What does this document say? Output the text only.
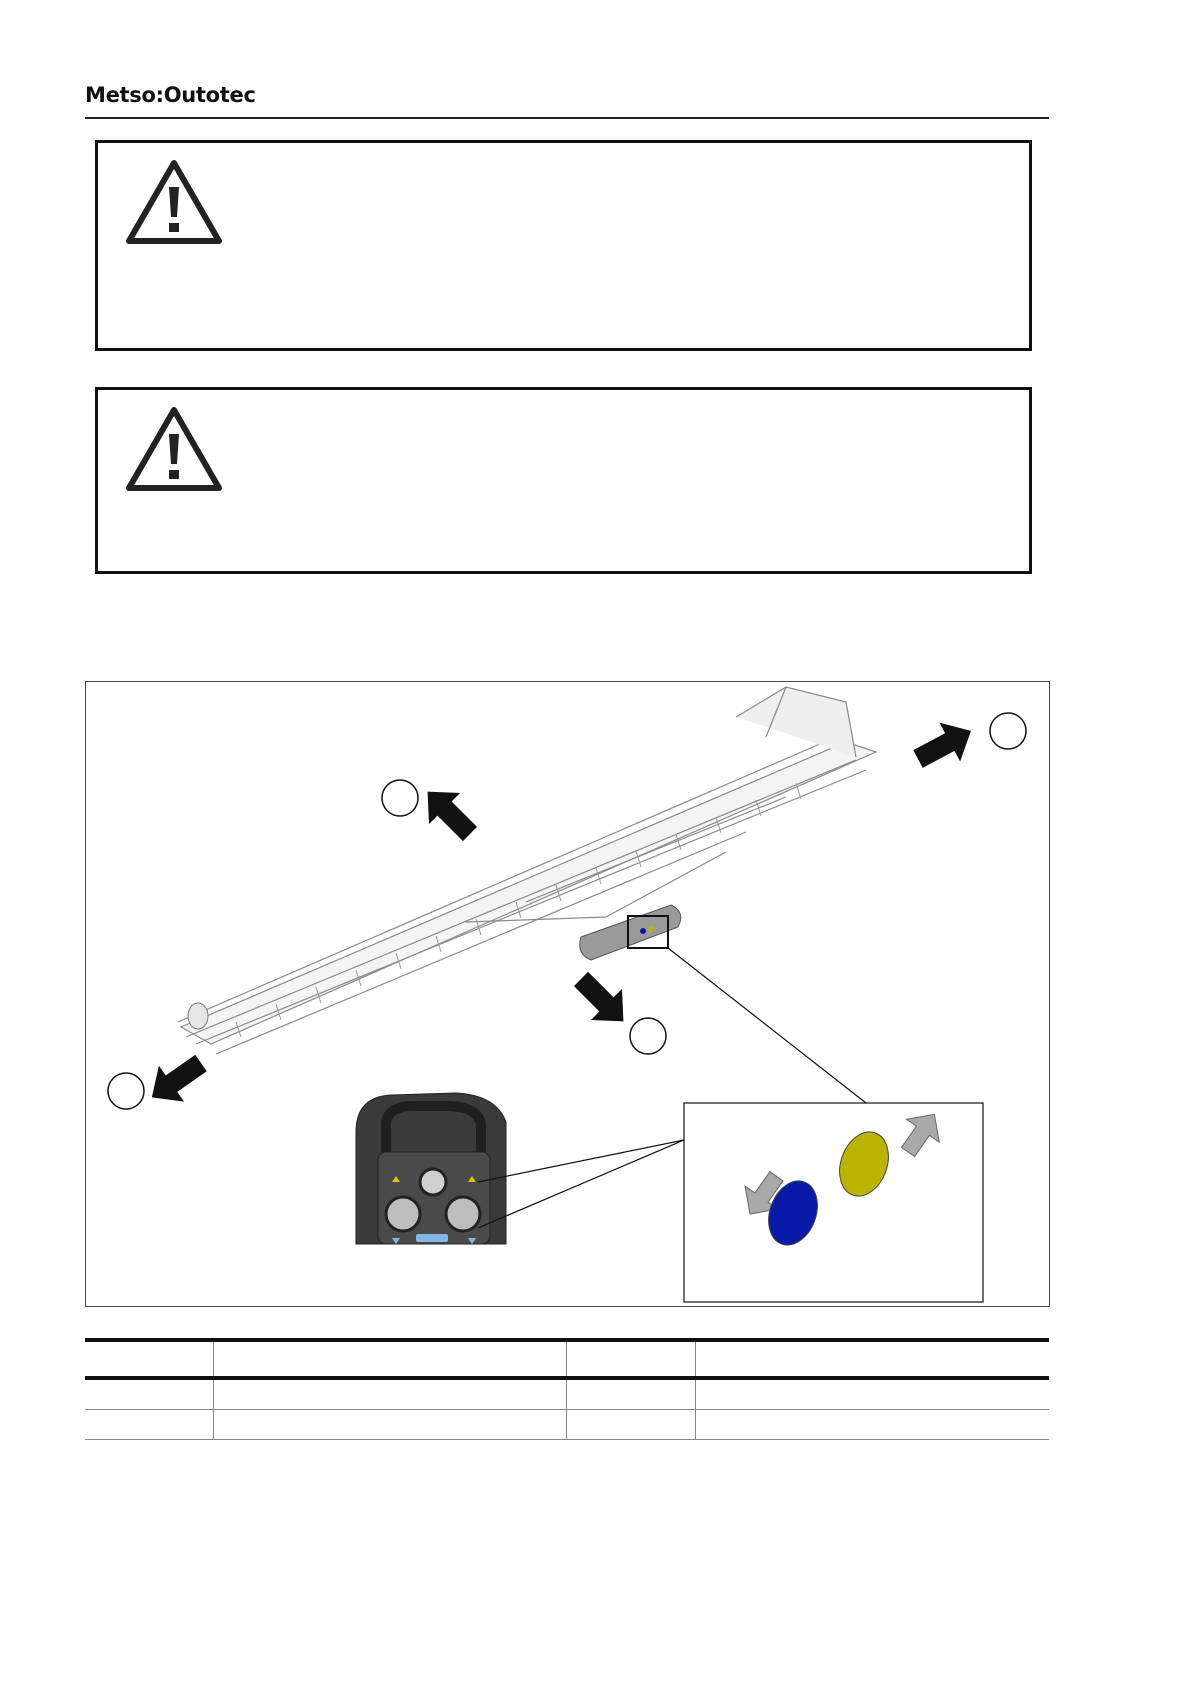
Metso:Outotec
